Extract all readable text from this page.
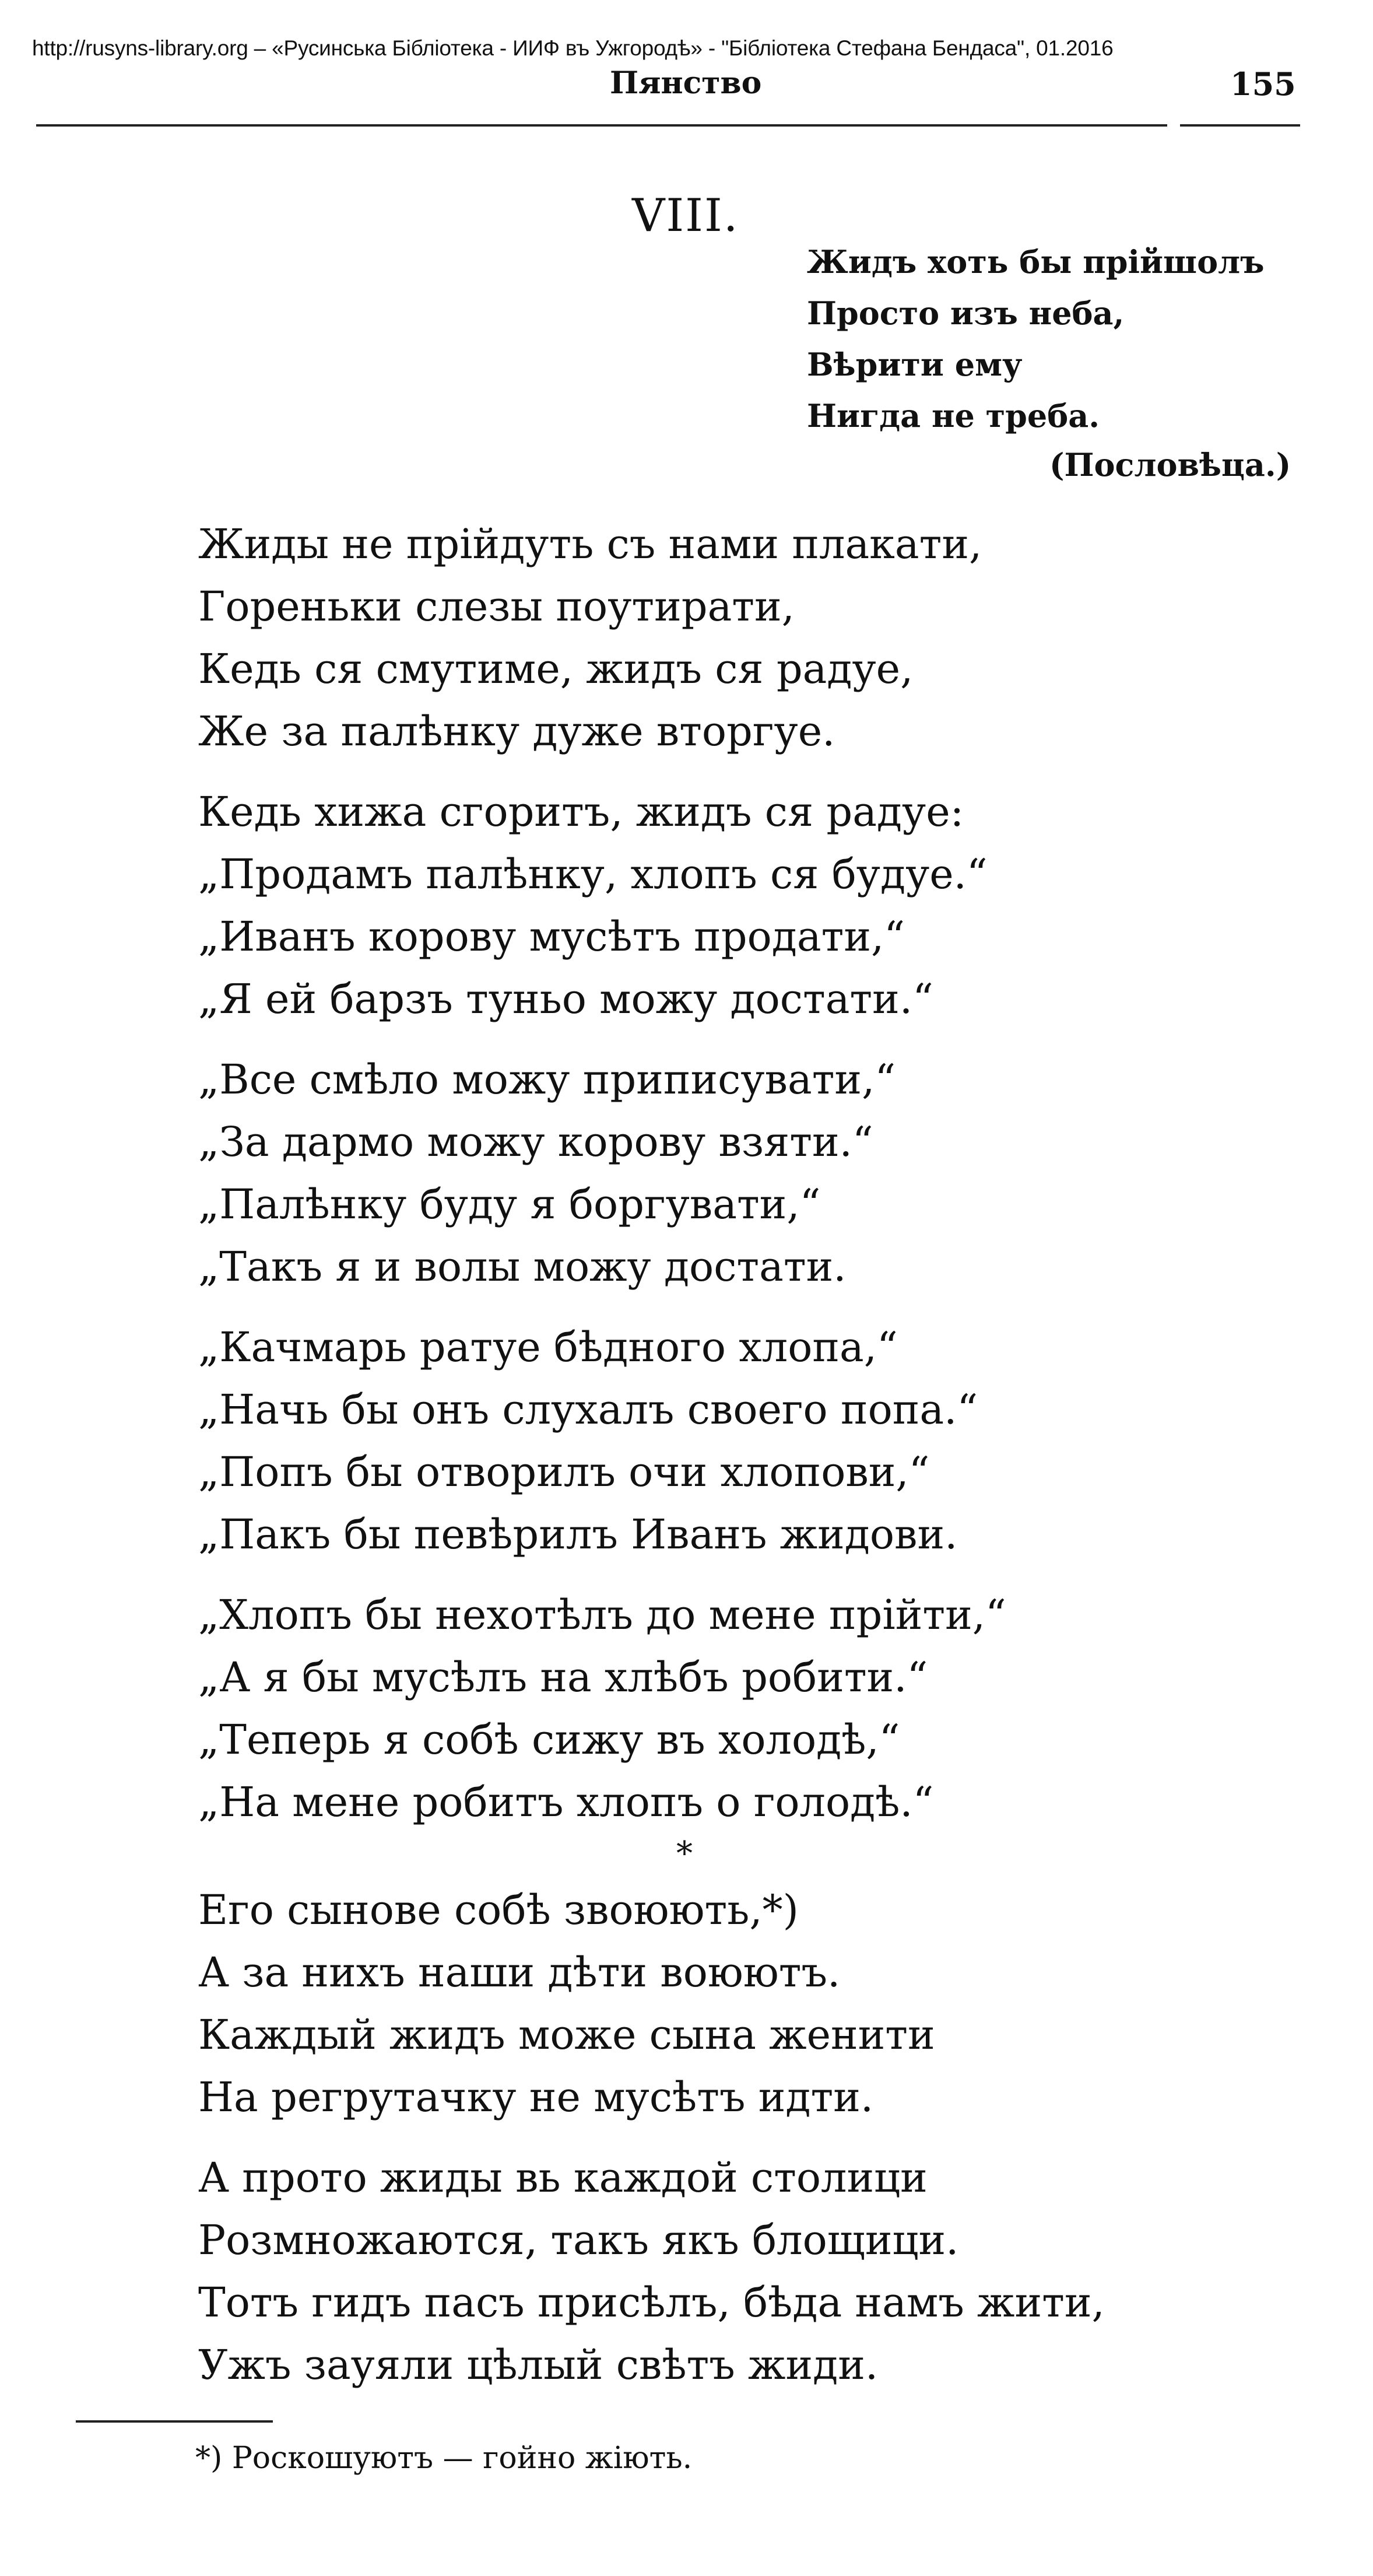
http://rusyns-library.org – «Русинська Бібліотека - ИИФ въ Ужгородѣ» - "Бібліотека Стефана Бендаса", 01.2016
Пянство	155
VIII.
Жидъ хоть бы прійшолъ
Просто изъ неба,
Вѣрити ему
Нигда не треба.
(Пословѣца.)
Жиды не прійдуть съ нами плакати,
Гореньки слезы поутирати,
Кедь ся смутиме, жидъ ся радуе,
Же за палѣнку дуже вторгуе.
Кедь хижа сгоритъ, жидъ ся радуе:
„Продамъ палѣнку, хлопъ ся будуе.“
„Иванъ корову мусѣтъ продати,“
„Я ей барзъ туньо можу достати.“
„Все смѣло можу приписувати,“
„За дармо можу корову взяти.“
„Палѣнку буду я боргувати,“
„Такъ я и волы можу достати.
„Качмарь ратуе бѣдного хлопа,“
„Начь бы онъ слухалъ своего попа.“
„Попъ бы отворилъ очи хлопови,“
„Пакъ бы певѣрилъ Иванъ жидови.
„Хлопъ бы нехотѣлъ до мене прійти,“
„А я бы мусѣлъ на хлѣбъ робити.“
„Теперь я собѣ сижу въ холодѣ,“
„На мене робитъ хлопъ о голодѣ.“
*
Его сынове собѣ звоюють,*)
А за нихъ наши дѣти воюютъ.
Каждый жидъ може сына женити
На регрутачку не мусѣтъ идти.
А прото жиды вь каждой столици
Розмножаются, такъ якъ блощици.
Тотъ гидъ пасъ присѣлъ, бѣда намъ жити,
Ужъ зауяли цѣлый свѣтъ жиди.
*) Роскошуютъ — гойно жіють.
